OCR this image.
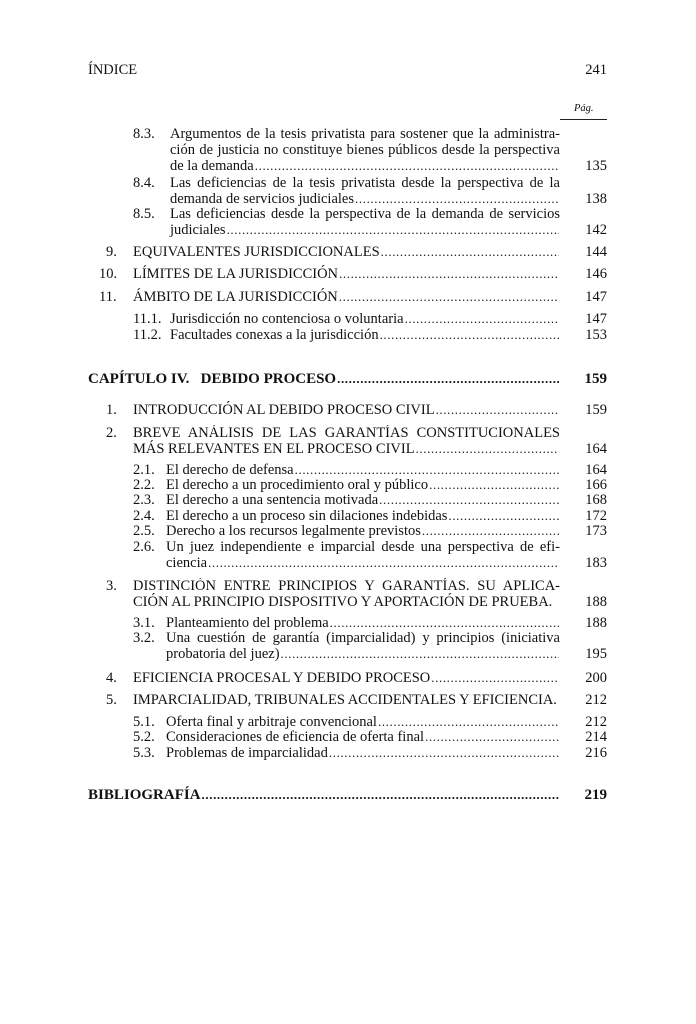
ÍNDICE	241
Pág.
8.3. Argumentos de la tesis privatista para sostener que la administra-
ción de justicia no constituye bienes públicos desde la perspectiva
de la demanda .....	135
8.4. Las deficiencias de la tesis privatista desde la perspectiva de la
demanda de servicios judiciales .....	138
8.5. Las deficiencias desde la perspectiva de la demanda de servicios
judiciales .....	142
9. EQUIVALENTES JURISDICCIONALES .....	144
10. LÍMITES DE LA JURISDICCIÓN .....	146
11. ÁMBITO DE LA JURISDICCIÓN .....	147
11.1. Jurisdicción no contenciosa o voluntaria .....	147
11.2. Facultades conexas a la jurisdicción .....	153
CAPÍTULO IV.   DEBIDO PROCESO .....	159
1. INTRODUCCIÓN AL DEBIDO PROCESO CIVIL .....	159
2. BREVE ANÁLISIS DE LAS GARANTÍAS CONSTITUCIONALES
MÁS RELEVANTES EN EL PROCESO CIVIL .....	164
2.1. El derecho de defensa .....	164
2.2. El derecho a un procedimiento oral y público .....	166
2.3. El derecho a una sentencia motivada .....	168
2.4. El derecho a un proceso sin dilaciones indebidas .....	172
2.5. Derecho a los recursos legalmente previstos .....	173
2.6. Un juez independiente e imparcial desde una perspectiva de efi-
ciencia .....	183
3. DISTINCIÓN ENTRE PRINCIPIOS Y GARANTÍAS. SU APLICA-
CIÓN AL PRINCIPIO DISPOSITIVO Y APORTACIÓN DE PRUEBA. 188
3.1. Planteamiento del problema .....	188
3.2. Una cuestión de garantía (imparcialidad) y principios (iniciativa
probatoria del juez) .....	195
4. EFICIENCIA PROCESAL Y DEBIDO PROCESO .....	200
5. IMPARCIALIDAD, TRIBUNALES ACCIDENTALES Y EFICIENCIA. 212
5.1. Oferta final y arbitraje convencional .....	212
5.2. Consideraciones de eficiencia de oferta final .....	214
5.3. Problemas de imparcialidad .....	216
BIBLIOGRAFÍA .....	219
